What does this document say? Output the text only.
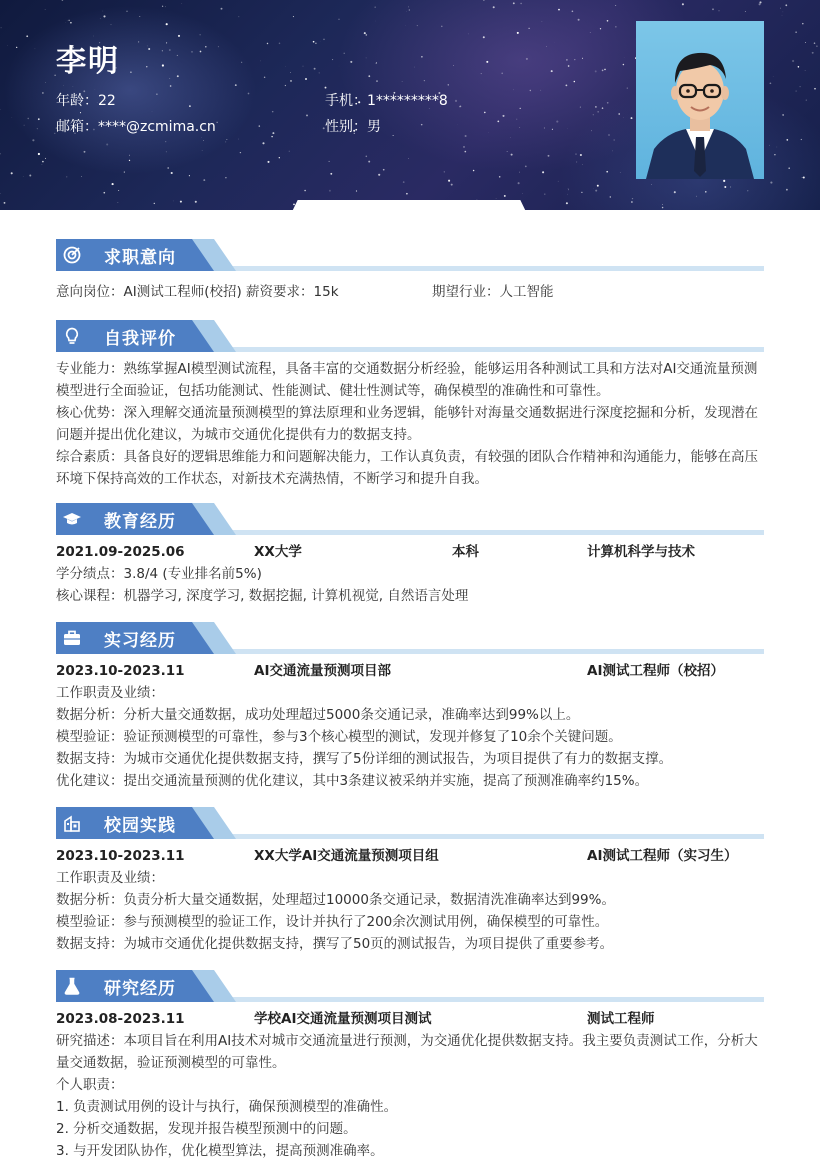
李明
年龄：22	手机：1*********8
邮箱：****@zcmima.cn	性别：男
求职意向
意向岗位：AI测试工程师(校招) 薪资要求：15k	期望行业：人工智能
自我评价
专业能力：熟练掌握AI模型测试流程，具备丰富的交通数据分析经验，能够运用各种测试工具和方法对AI交通流量预测模型进行全面验证，包括功能测试、性能测试、健壮性测试等，确保模型的准确性和可靠性。
核心优势：深入理解交通流量预测模型的算法原理和业务逻辑，能够针对海量交通数据进行深度挖掘和分析，发现潜在问题并提出优化建议，为城市交通优化提供有力的数据支持。
综合素质：具备良好的逻辑思维能力和问题解决能力，工作认真负责，有较强的团队合作精神和沟通能力，能够在高压环境下保持高效的工作状态，对新技术充满热情，不断学习和提升自我。
教育经历
2021.09-2025.06	XX大学	本科	计算机科学与技术
学分绩点：3.8/4 (专业排名前5%)
核心课程：机器学习, 深度学习, 数据挖掘, 计算机视觉, 自然语言处理
实习经历
2023.10-2023.11	AI交通流量预测项目部	AI测试工程师（校招）
工作职责及业绩：
数据分析：分析大量交通数据，成功处理超过5000条交通记录，准确率达到99%以上。
模型验证：验证预测模型的可靠性，参与3个核心模型的测试，发现并修复了10余个关键问题。
数据支持：为城市交通优化提供数据支持，撰写了5份详细的测试报告，为项目提供了有力的数据支撑。
优化建议：提出交通流量预测的优化建议，其中3条建议被采纳并实施，提高了预测准确率约15%。
校园实践
2023.10-2023.11	XX大学AI交通流量预测项目组	AI测试工程师（实习生）
工作职责及业绩：
数据分析：负责分析大量交通数据，处理超过10000条交通记录，数据清洗准确率达到99%。
模型验证：参与预测模型的验证工作，设计并执行了200余次测试用例，确保模型的可靠性。
数据支持：为城市交通优化提供数据支持，撰写了50页的测试报告，为项目提供了重要参考。
研究经历
2023.08-2023.11	学校AI交通流量预测项目测试	测试工程师
研究描述：本项目旨在利用AI技术对城市交通流量进行预测，为交通优化提供数据支持。我主要负责测试工作，分析大量交通数据，验证预测模型的可靠性。
个人职责：
1. 负责测试用例的设计与执行，确保预测模型的准确性。
2. 分析交通数据，发现并报告模型预测中的问题。
3. 与开发团队协作，优化模型算法，提高预测准确率。
